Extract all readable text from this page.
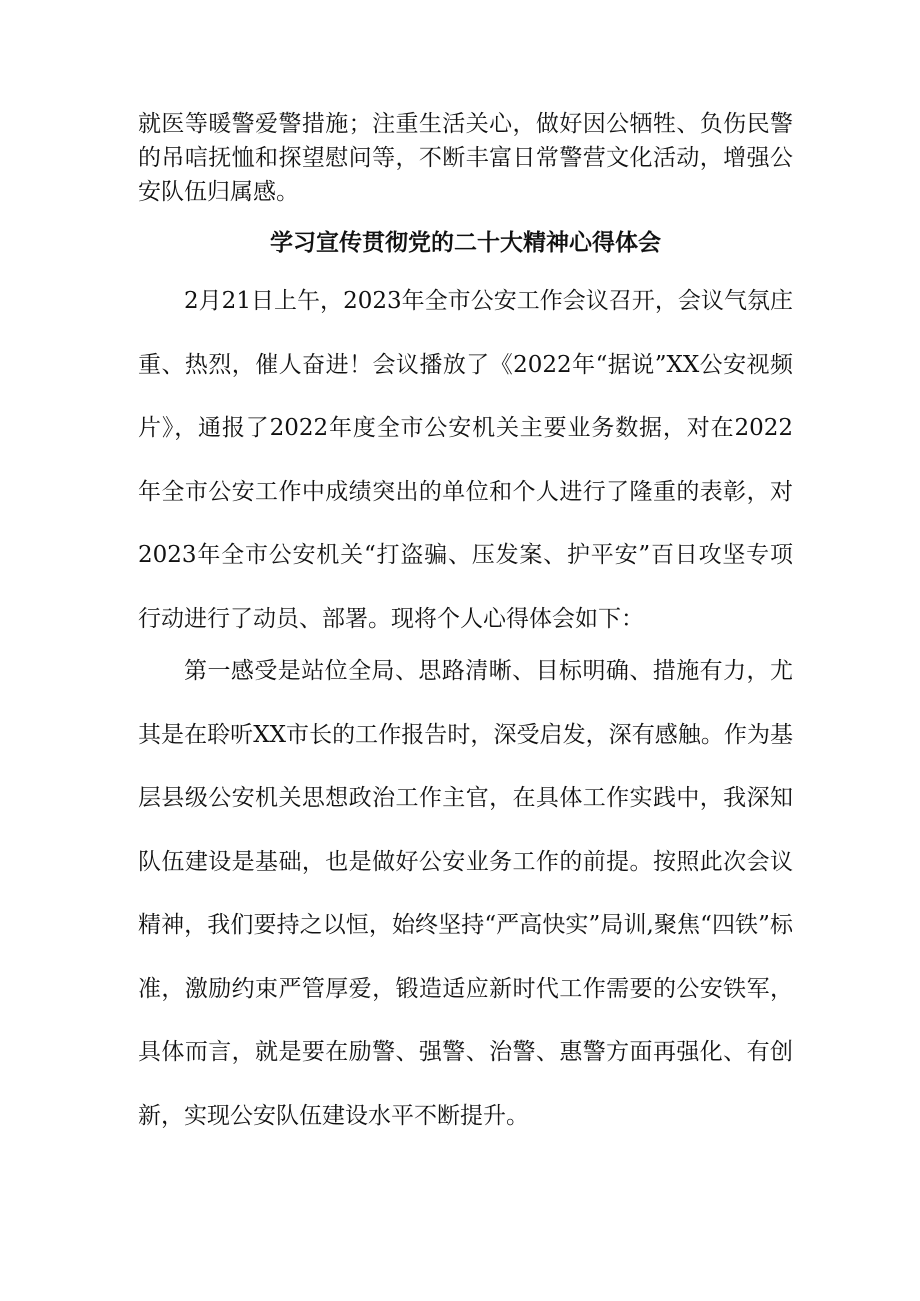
就医等暖警爱警措施；注重生活关心，做好因公牺牲、负伤民警的吊唁抚恤和探望慰问等，不断丰富日常警营文化活动，增强公安队伍归属感。

学习宣传贯彻党的二十大精神心得体会

2月21日上午，2023年全市公安工作会议召开，会议气氛庄重、热烈，催人奋进！会议播放了《2022年“据说”XX公安视频片》，通报了2022年度全市公安机关主要业务数据，对在2022年全市公安工作中成绩突出的单位和个人进行了隆重的表彰，对2023年全市公安机关“打盗骗、压发案、护平安”百日攻坚专项行动进行了动员、部署。现将个人心得体会如下：

第一感受是站位全局、思路清晰、目标明确、措施有力，尤其是在聆听XX市长的工作报告时，深受启发，深有感触。作为基层县级公安机关思想政治工作主官，在具体工作实践中，我深知队伍建设是基础，也是做好公安业务工作的前提。按照此次会议精神，我们要持之以恒，始终坚持“严高快实”局训,聚焦“四铁”标准，激励约束严管厚爱，锻造适应新时代工作需要的公安铁军，具体而言，就是要在励警、强警、治警、惠警方面再强化、有创新，实现公安队伍建设水平不断提升。
